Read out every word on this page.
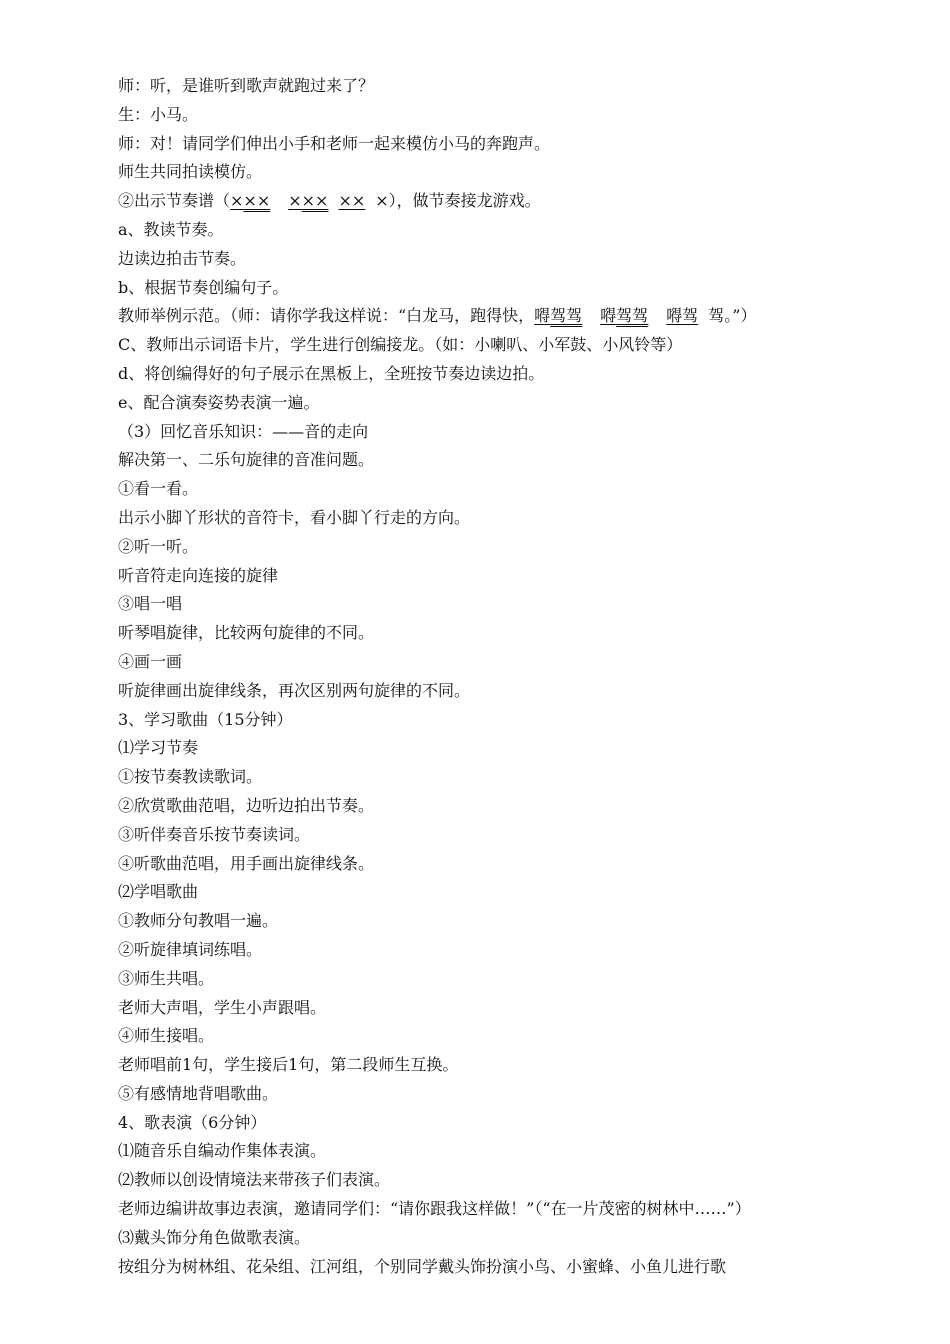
师：听，是谁听到歌声就跑过来了？
生：小马。
师：对！请同学们伸出小手和老师一起来模仿小马的奔跑声。
师生共同拍读模仿。
②出示节奏谱（××× ××× ×× ×），做节奏接龙游戏。
a、教读节奏。
边读边拍击节奏。
b、根据节奏创编句子。
教师举例示范。（师：请你学我这样说：“白龙马，跑得快，嘚驾驾 嘚驾驾 嘚驾 驾。”）
C、教师出示词语卡片，学生进行创编接龙。（如：小喇叭、小军鼓、小风铃等）
d、将创编得好的句子展示在黑板上，全班按节奏边读边拍。
e、配合演奏姿势表演一遍。
（3）回忆音乐知识：——音的走向
解决第一、二乐句旋律的音准问题。
①看一看。
出示小脚丫形状的音符卡，看小脚丫行走的方向。
②听一听。
听音符走向连接的旋律
③唱一唱
听琴唱旋律，比较两句旋律的不同。
④画一画
听旋律画出旋律线条，再次区别两句旋律的不同。
3、学习歌曲（15分钟）
⑴学习节奏
①按节奏教读歌词。
②欣赏歌曲范唱，边听边拍出节奏。
③听伴奏音乐按节奏读词。
④听歌曲范唱，用手画出旋律线条。
⑵学唱歌曲
①教师分句教唱一遍。
②听旋律填词练唱。
③师生共唱。
老师大声唱，学生小声跟唱。
④师生接唱。
老师唱前1句，学生接后1句，第二段师生互换。
⑤有感情地背唱歌曲。
4、歌表演（6分钟）
⑴随音乐自编动作集体表演。
⑵教师以创设情境法来带孩子们表演。
老师边编讲故事边表演，邀请同学们：“请你跟我这样做！”（“在一片茂密的树林中……”）
⑶戴头饰分角色做歌表演。
按组分为树林组、花朵组、江河组，个别同学戴头饰扮演小鸟、小蜜蜂、小鱼儿进行歌
